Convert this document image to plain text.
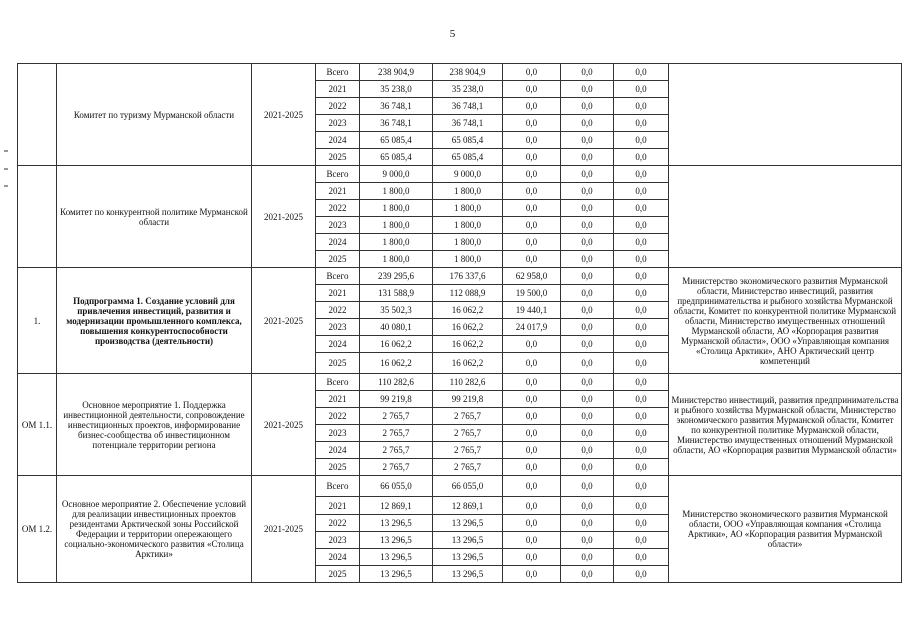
5
	Комитет по туризму Мурманской области	2021-2025	Всего	238 904,9	238 904,9	0,0	0,0	0,0	
			2021	35 238,0	35 238,0	0,0	0,0	0,0	
			2022	36 748,1	36 748,1	0,0	0,0	0,0	
			2023	36 748,1	36 748,1	0,0	0,0	0,0	
			2024	65 085,4	65 085,4	0,0	0,0	0,0	
			2025	65 085,4	65 085,4	0,0	0,0	0,0	
	Комитет по конкурентной политике Мурманской области	2021-2025	Всего	9 000,0	9 000,0	0,0	0,0	0,0	
			2021	1 800,0	1 800,0	0,0	0,0	0,0	
			2022	1 800,0	1 800,0	0,0	0,0	0,0	
			2023	1 800,0	1 800,0	0,0	0,0	0,0	
			2024	1 800,0	1 800,0	0,0	0,0	0,0	
			2025	1 800,0	1 800,0	0,0	0,0	0,0	
1.	Подпрограмма 1. Создание условий для привлечения инвестиций, развития и модернизации промышленного комплекса, повышения конкурентоспособности производства (деятельности)	2021-2025	Всего	239 295,6	176 337,6	62 958,0	0,0	0,0	Министерство экономического развития Мурманской области, Министерство инвестиций, развития предпринимательства и рыбного хозяйства Мурманской области, Комитет по конкурентной политике Мурманской области, Министерство имущественных отношений Мурманской области, АО «Корпорация развития Мурманской области», ООО «Управляющая компания «Столица Арктики», АНО Арктический центр компетенций
			2021	131 588,9	112 088,9	19 500,0	0,0	0,0	
			2022	35 502,3	16 062,2	19 440,1	0,0	0,0	
			2023	40 080,1	16 062,2	24 017,9	0,0	0,0	
			2024	16 062,2	16 062,2	0,0	0,0	0,0	
			2025	16 062,2	16 062,2	0,0	0,0	0,0	
ОМ 1.1.	Основное мероприятие 1. Поддержка инвестиционной деятельности, сопровождение инвестиционных проектов, информирование бизнес-сообщества об инвестиционном потенциале территории региона	2021-2025	Всего	110 282,6	110 282,6	0,0	0,0	0,0	Министерство инвестиций, развития предпринимательства и рыбного хозяйства Мурманской области, Министерство экономического развития Мурманской области, Комитет по конкурентной политике Мурманской области, Министерство имущественных отношений Мурманской области, АО «Корпорация развития Мурманской области»
			2021	99 219,8	99 219,8	0,0	0,0	0,0	
			2022	2 765,7	2 765,7	0,0	0,0	0,0	
			2023	2 765,7	2 765,7	0,0	0,0	0,0	
			2024	2 765,7	2 765,7	0,0	0,0	0,0	
			2025	2 765,7	2 765,7	0,0	0,0	0,0	
ОМ 1.2.	Основное мероприятие 2. Обеспечение условий для реализации инвестиционных проектов резидентами Арктической зоны Российской Федерации и территории опережающего социально-экономического развития «Столица Арктики»	2021-2025	Всего	66 055,0	66 055,0	0,0	0,0	0,0	Министерство экономического развития Мурманской области, ООО «Управляющая компания «Столица Арктики», АО «Корпорация развития Мурманской области»
			2021	12 869,1	12 869,1	0,0	0,0	0,0	
			2022	13 296,5	13 296,5	0,0	0,0	0,0	
			2023	13 296,5	13 296,5	0,0	0,0	0,0	
			2024	13 296,5	13 296,5	0,0	0,0	0,0	
			2025	13 296,5	13 296,5	0,0	0,0	0,0	
